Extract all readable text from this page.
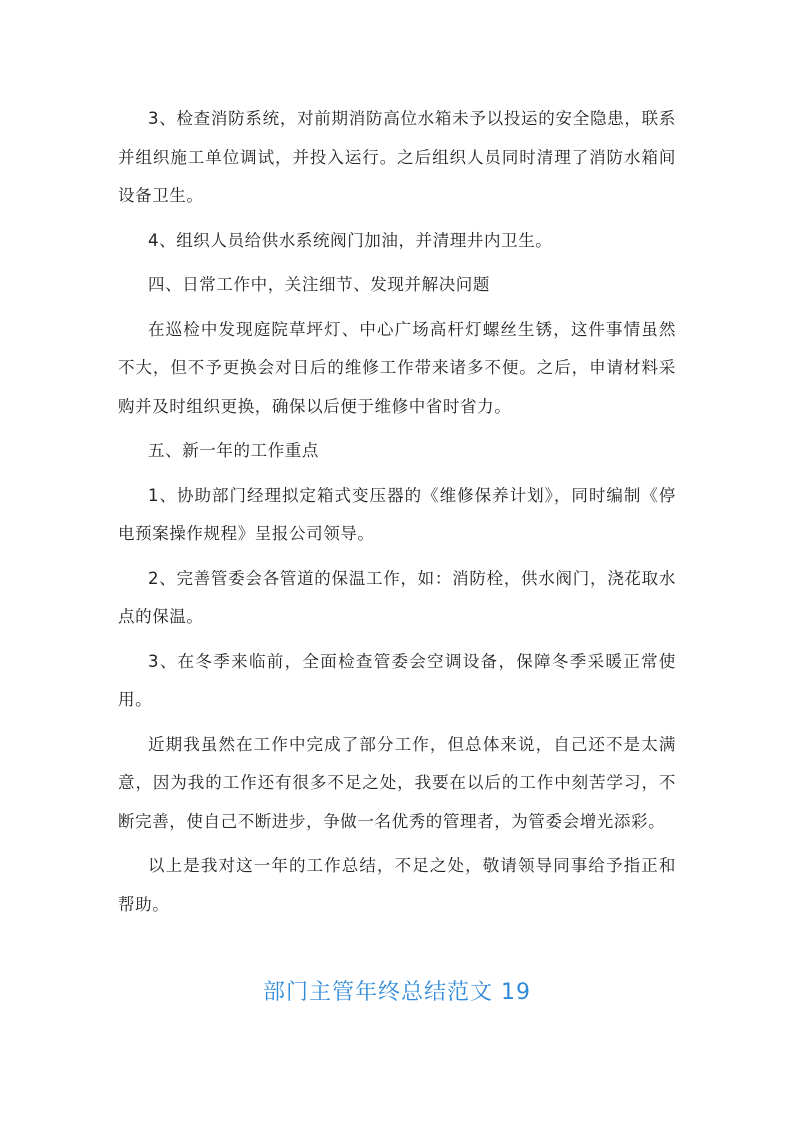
3、检查消防系统，对前期消防高位水箱未予以投运的安全隐患，联系并组织施工单位调试，并投入运行。之后组织人员同时清理了消防水箱间设备卫生。

4、组织人员给供水系统阀门加油，并清理井内卫生。

四、日常工作中，关注细节、发现并解决问题

在巡检中发现庭院草坪灯、中心广场高杆灯螺丝生锈，这件事情虽然不大，但不予更换会对日后的维修工作带来诸多不便。之后，申请材料采购并及时组织更换，确保以后便于维修中省时省力。

五、新一年的工作重点

1、协助部门经理拟定箱式变压器的《维修保养计划》，同时编制《停电预案操作规程》呈报公司领导。

2、完善管委会各管道的保温工作，如：消防栓，供水阀门，浇花取水点的保温。

3、在冬季来临前，全面检查管委会空调设备，保障冬季采暖正常使用。

近期我虽然在工作中完成了部分工作，但总体来说，自己还不是太满意，因为我的工作还有很多不足之处，我要在以后的工作中刻苦学习，不断完善，使自己不断进步，争做一名优秀的管理者，为管委会增光添彩。

以上是我对这一年的工作总结，不足之处，敬请领导同事给予指正和帮助。

部门主管年终总结范文 19
